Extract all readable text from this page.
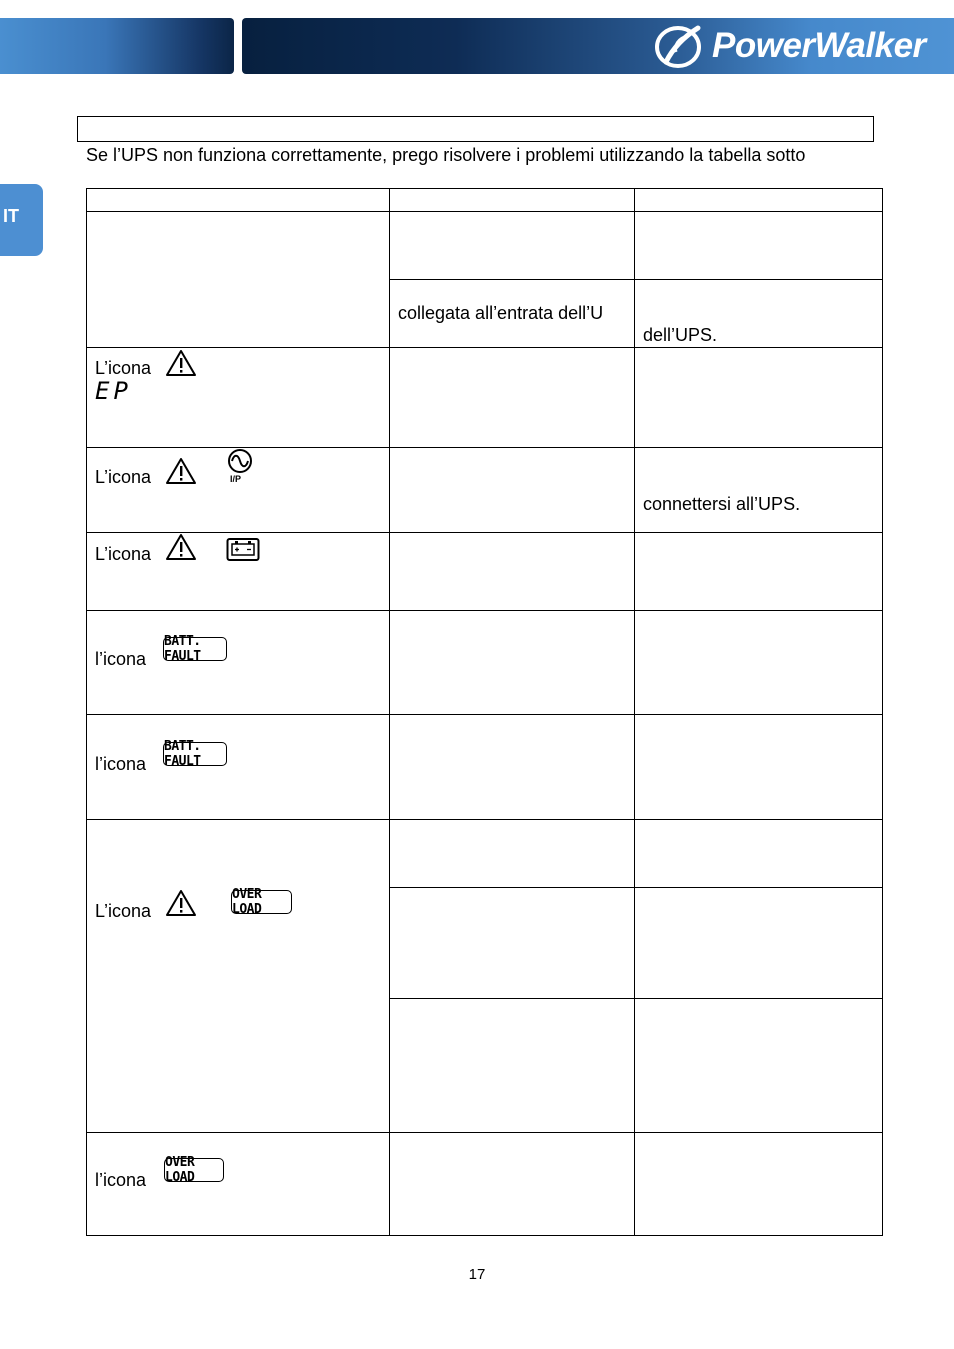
PowerWalker
IT
Se l’UPS non funziona correttamente, prego risolvere i problemi utilizzando la tabella sotto
collegata all’entrata dell’U
dell’UPS.
L’icona
EP
L’icona	I/P
connettersi all’UPS.
L’icona
l’icona
BATT. FAULT
l’icona
BATT. FAULT
L’icona
OVER LOAD
l’icona
OVER LOAD
17
